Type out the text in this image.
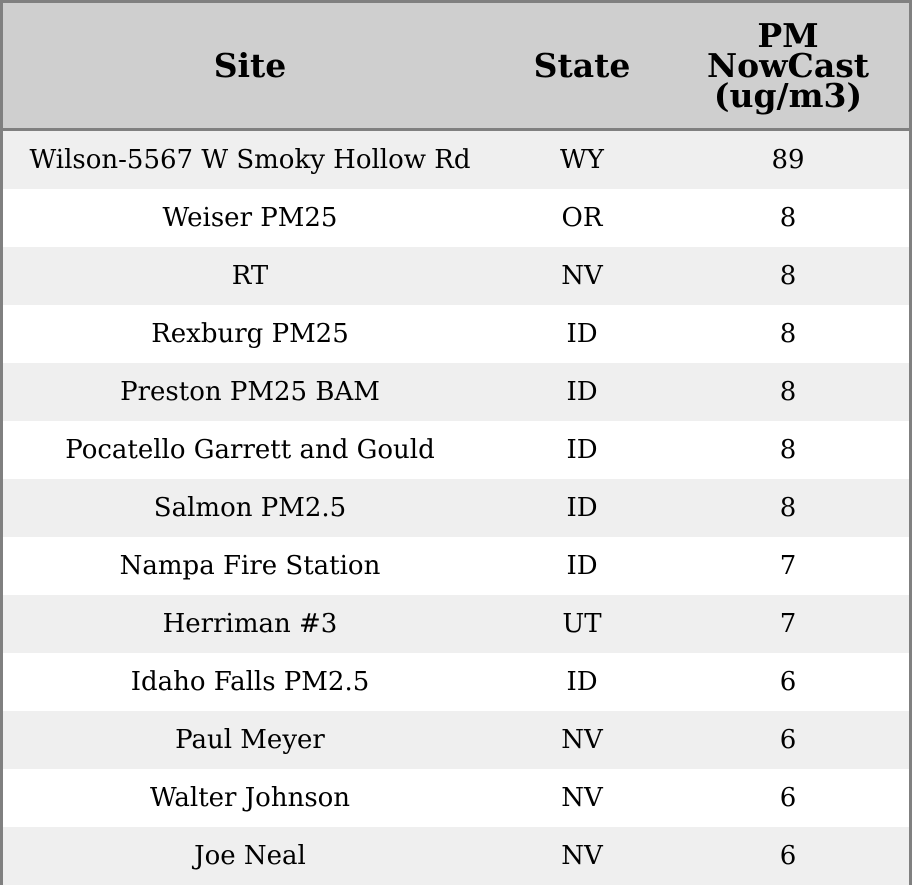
Site	State	PM
NowCast
(ug/m3)
Wilson-5567 W Smoky Hollow Rd	WY	89
Weiser PM25	OR	8
RT	NV	8
Rexburg PM25	ID	8
Preston PM25 BAM	ID	8
Pocatello Garrett and Gould	ID	8
Salmon PM2.5	ID	8
Nampa Fire Station	ID	7
Herriman #3	UT	7
Idaho Falls PM2.5	ID	6
Paul Meyer	NV	6
Walter Johnson	NV	6
Joe Neal	NV	6
